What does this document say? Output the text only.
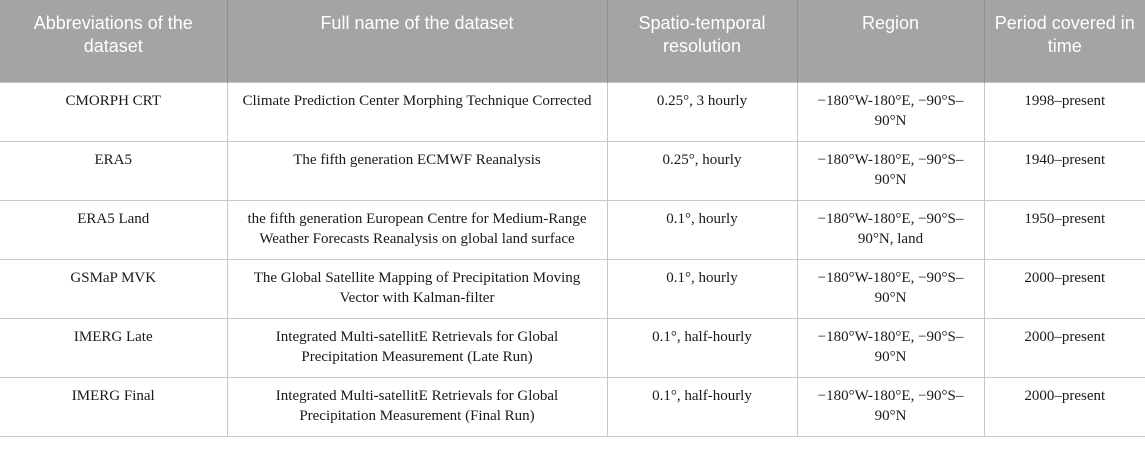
Abbreviations of the dataset	Full name of the dataset	Spatio-temporal resolution	Region	Period covered in time
CMORPH CRT	Climate Prediction Center Morphing Technique Corrected	0.25°, 3 hourly	−180°W-180°E, −90°S–90°N	1998–present
ERA5	The fifth generation ECMWF Reanalysis	0.25°, hourly	−180°W-180°E, −90°S–90°N	1940–present
ERA5 Land	the fifth generation European Centre for Medium-Range Weather Forecasts Reanalysis on global land surface	0.1°, hourly	−180°W-180°E, −90°S–90°N, land	1950–present
GSMaP MVK	The Global Satellite Mapping of Precipitation Moving Vector with Kalman-filter	0.1°, hourly	−180°W-180°E, −90°S–90°N	2000–present
IMERG Late	Integrated Multi-satellitE Retrievals for Global Precipitation Measurement (Late Run)	0.1°, half-hourly	−180°W-180°E, −90°S–90°N	2000–present
IMERG Final	Integrated Multi-satellitE Retrievals for Global Precipitation Measurement (Final Run)	0.1°, half-hourly	−180°W-180°E, −90°S–90°N	2000–present
